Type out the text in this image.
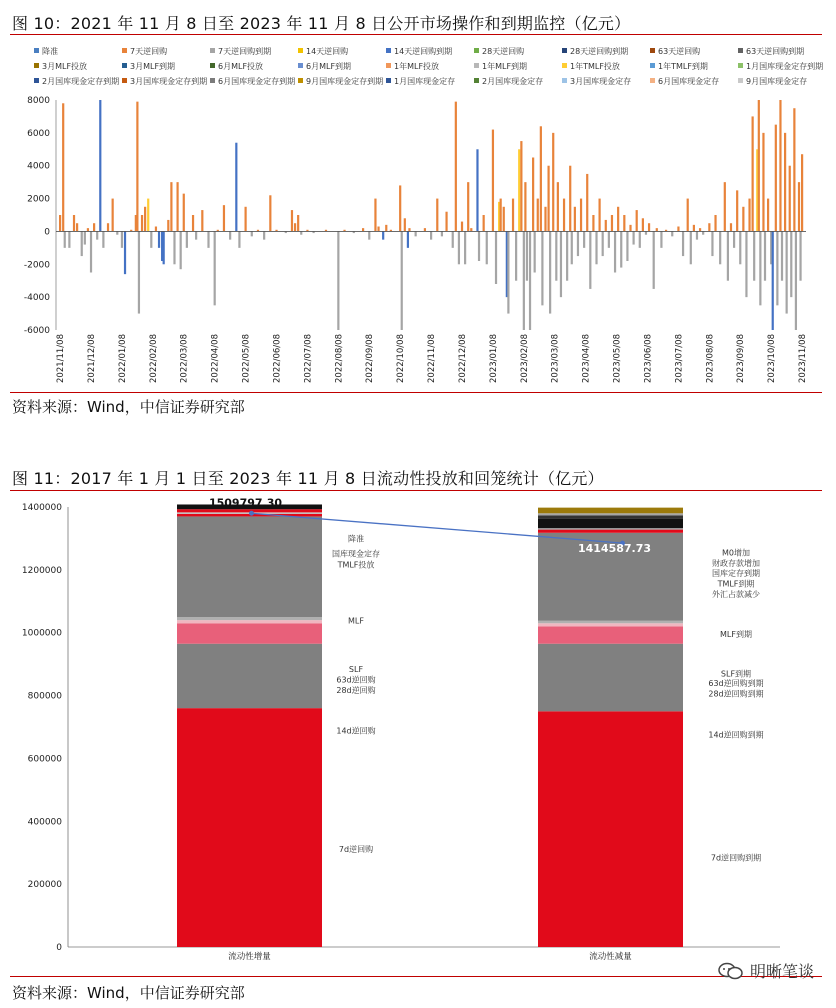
图 10：2021 年 11 月 8 日至 2023 年 11 月 8 日公开市场操作和到期监控（亿元）
降准	7天逆回购	7天逆回购到期	14天逆回购	14天逆回购到期	28天逆回购	28天逆回购到期	63天逆回购	63天逆回购到期
3月MLF投放	3月MLF到期	6月MLF投放	6月MLF到期	1年MLF投放	1年MLF到期	1年TMLF投放	1年TMLF到期	1月国库现金定存到期
2月国库现金定存到期 3月国库现金定存到期 6月国库现金定存到期 9月国库现金定存到期 1月国库现金定存	2月国库现金定存	3月国库现金定存	6月国库现金定存	9月国库现金定存
8000
6000
4000
2000
0
-2000
-4000
-6000
2021/11/08 2021/12/08 2022/01/08 2022/02/08 2022/03/08 2022/04/08 2022/05/08 2022/06/08 2022/07/08 2022/08/08 2022/09/08 2022/10/08 2022/11/08 2022/12/08 2023/01/08 2023/02/08 2023/03/08 2023/04/08 2023/05/08 2023/06/08 2023/07/08 2023/08/08 2023/09/08 2023/10/08 2023/11/08
资料来源：Wind，中信证券研究部
图 11：2017 年 1 月 1 日至 2023 年 11 月 8 日流动性投放和回笼统计（亿元）
0
200000
400000
600000
800000
1000000
1200000
1400000
流动性增量	流动性减量
1509797.30
1414587.73
降准
国库现金定存
TMLF投放
MLF
SLF
63d逆回购
28d逆回购
14d逆回购
7d逆回购
M0增加
财政存款增加
国库定存到期
TMLF到期
外汇占款减少
MLF到期
SLF到期
63d逆回购到期
28d逆回购到期
14d逆回购到期
7d逆回购到期
资料来源：Wind，中信证券研究部
明晰笔谈
